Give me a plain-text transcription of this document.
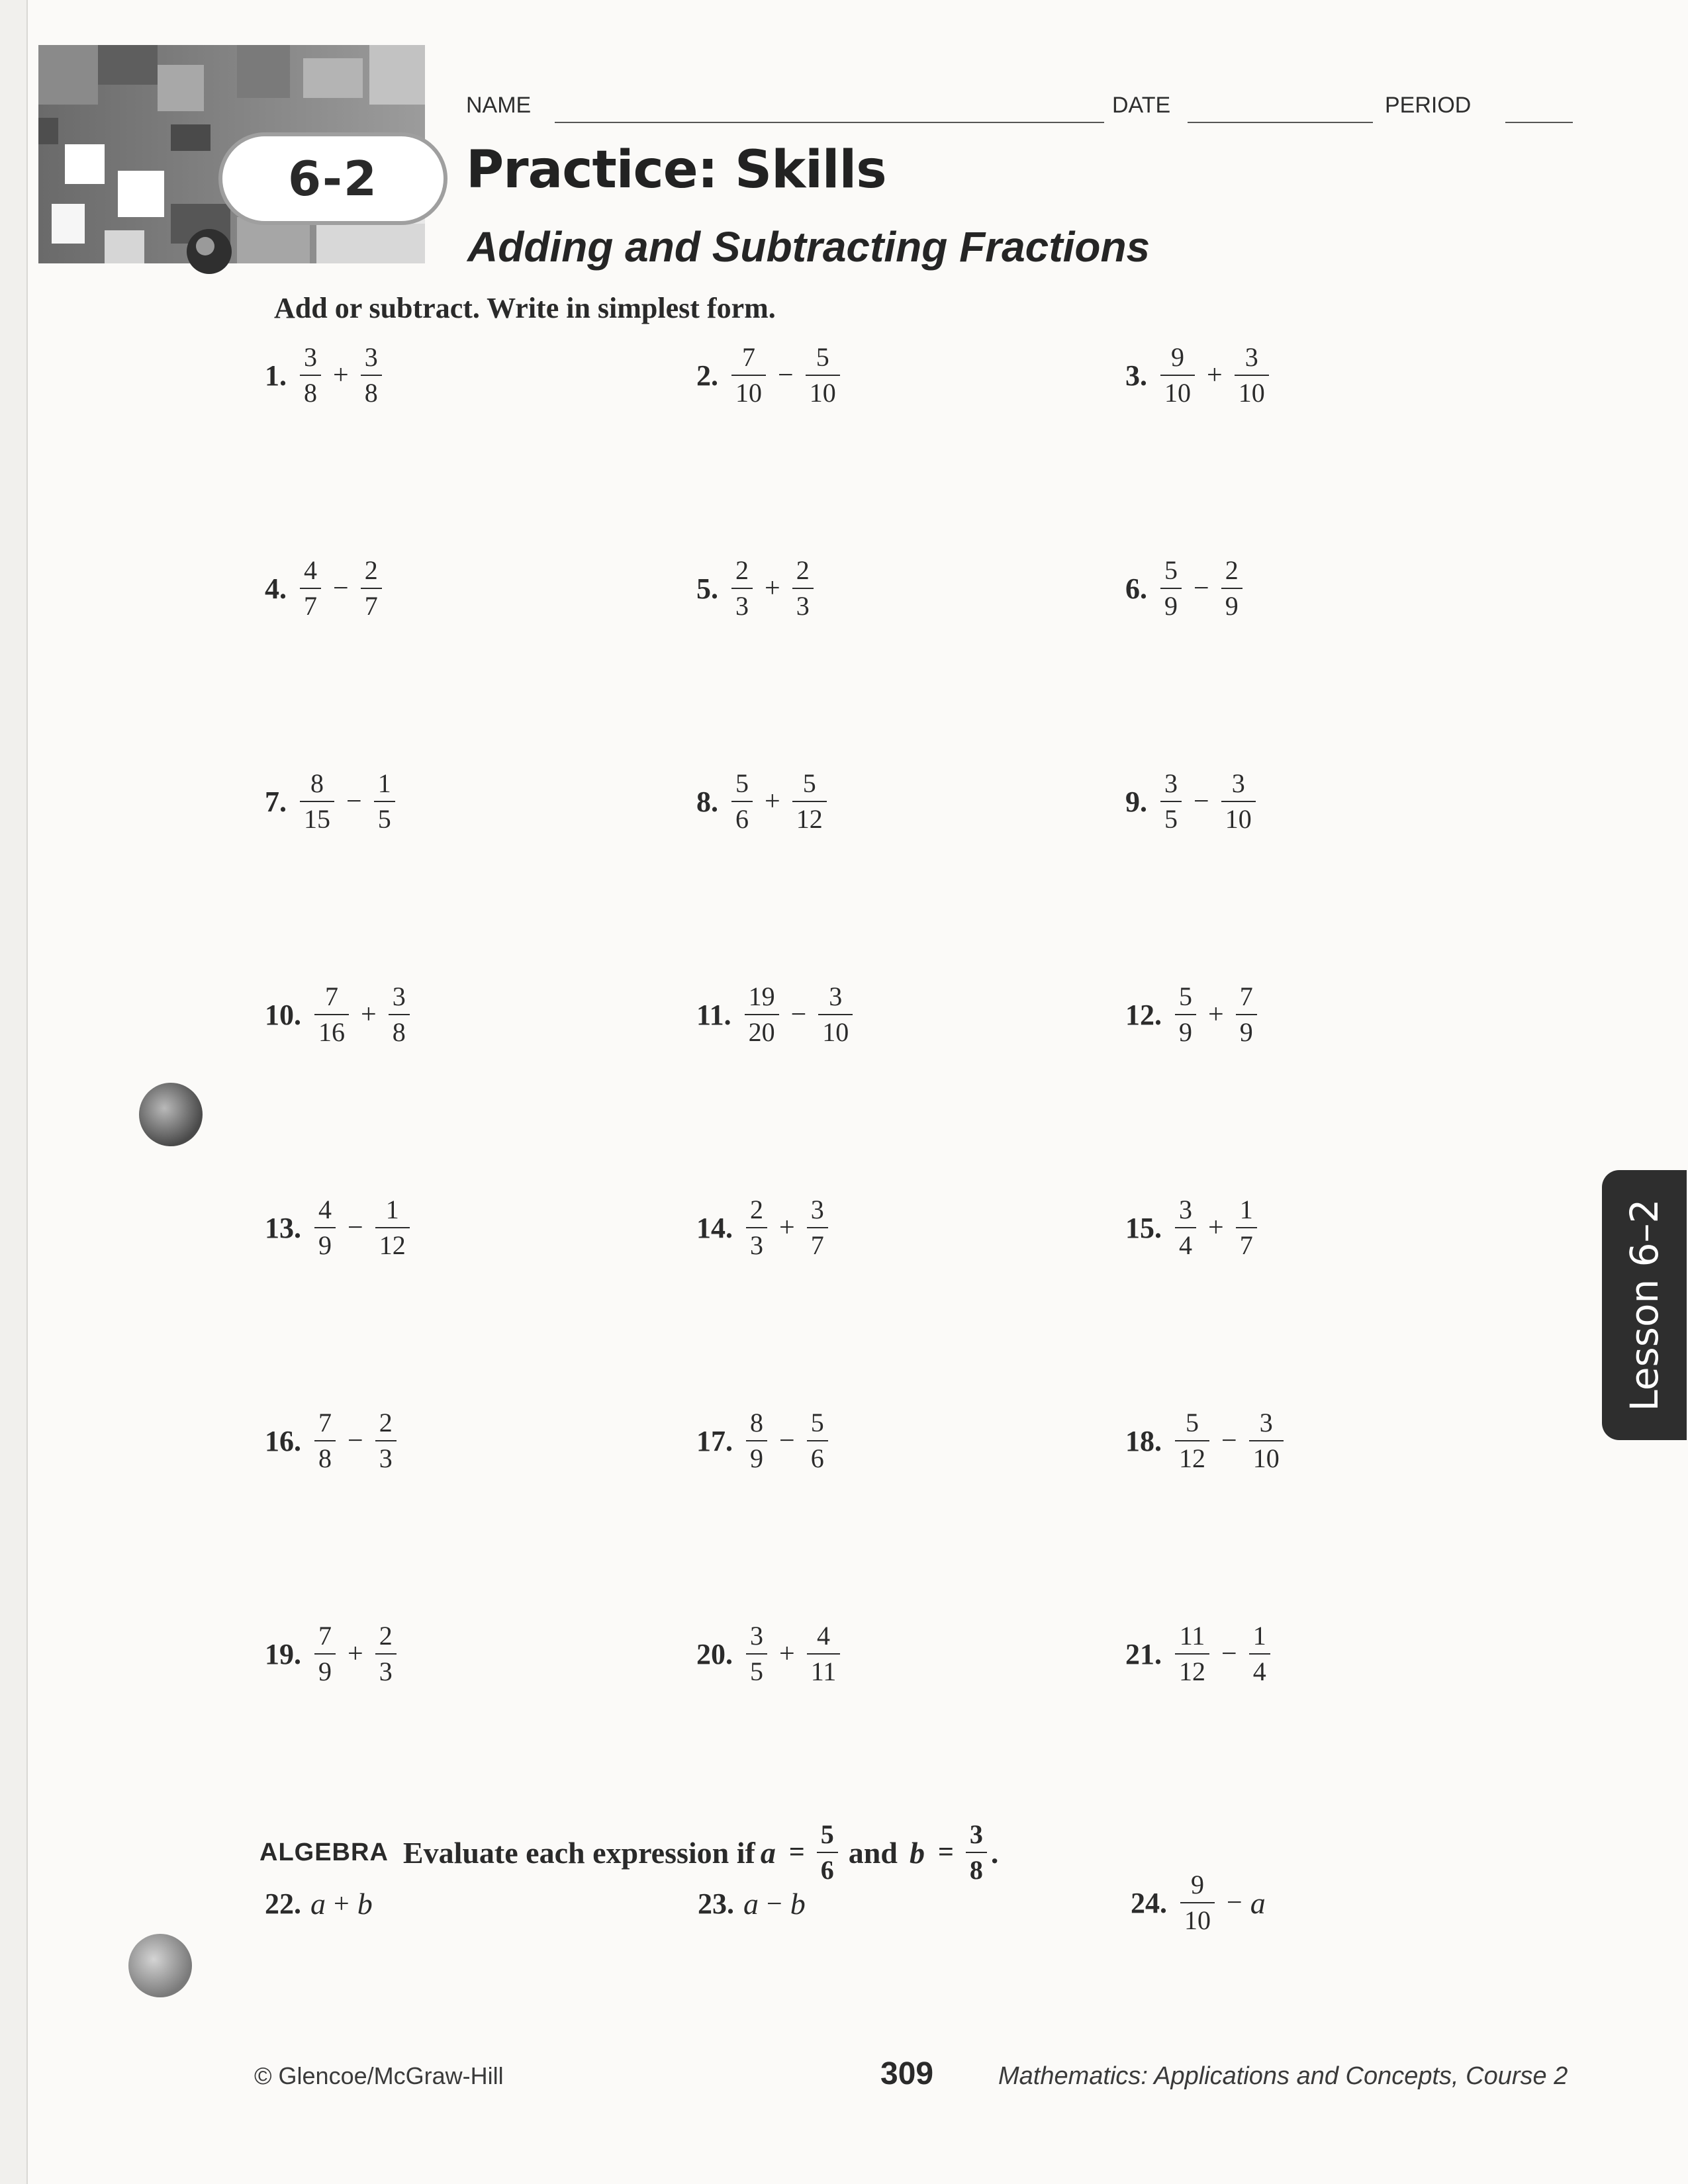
6-2
NAME	DATE	PERIOD
Practice: Skills
Adding and Subtracting Fractions
Add or subtract. Write in simplest form.
1. $\frac{3}{8} + \frac{3}{8}$	2. $\frac{7}{10} - \frac{5}{10}$	3. $\frac{9}{10} + \frac{3}{10}$
4. $\frac{4}{7} - \frac{2}{7}$	5. $\frac{2}{3} + \frac{2}{3}$	6. $\frac{5}{9} - \frac{2}{9}$
7. $\frac{8}{15} - \frac{1}{5}$	8. $\frac{5}{6} + \frac{5}{12}$	9. $\frac{3}{5} - \frac{3}{10}$
10. $\frac{7}{16} + \frac{3}{8}$	11. $\frac{19}{20} - \frac{3}{10}$	12. $\frac{5}{9} + \frac{7}{9}$
13. $\frac{4}{9} - \frac{1}{12}$	14. $\frac{2}{3} + \frac{3}{7}$	15. $\frac{3}{4} + \frac{1}{7}$
16. $\frac{7}{8} - \frac{2}{3}$	17. $\frac{8}{9} - \frac{5}{6}$	18. $\frac{5}{12} - \frac{3}{10}$
19. $\frac{7}{9} + \frac{2}{3}$	20. $\frac{3}{5} + \frac{4}{11}$	21. $\frac{11}{12} - \frac{1}{4}$
ALGEBRA Evaluate each expression if $a = \frac{5}{6}$ and $b = \frac{3}{8}$ .
22. a + b	23. a − b	24. $\frac{9}{10} - a$
Lesson 6–2
© Glencoe/McGraw-Hill	309	Mathematics: Applications and Concepts, Course 2
